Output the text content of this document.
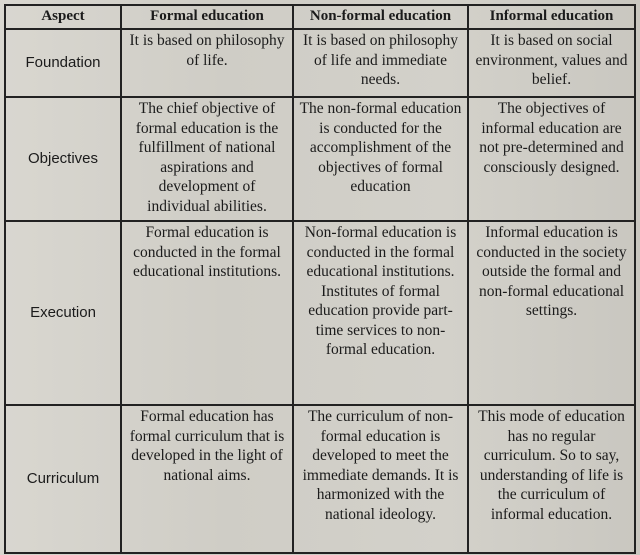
Aspect	Formal education	Non-formal education	Informal education
Foundation	It is based on philosophy of life.	It is based on philosophy of life and immediate needs.	It is based on social environment, values and belief.
Objectives	The chief objective of formal education is the fulfillment of national aspirations and development of individual abilities.	The non-formal education is conducted for the accomplishment of the objectives of formal education	The objectives of informal education are not pre-determined and consciously designed.
Execution	Formal education is conducted in the formal educational institutions.	Non-formal education is conducted in the formal educational institutions. Institutes of formal education provide part-time services to non-formal education.	Informal education is conducted in the society outside the formal and non-formal educational settings.
Curriculum	Formal education has formal curriculum that is developed in the light of national aims.	The curriculum of non-formal education is developed to meet the immediate demands. It is harmonized with the national ideology.	This mode of education has no regular curriculum. So to say, understanding of life is the curriculum of informal education.
